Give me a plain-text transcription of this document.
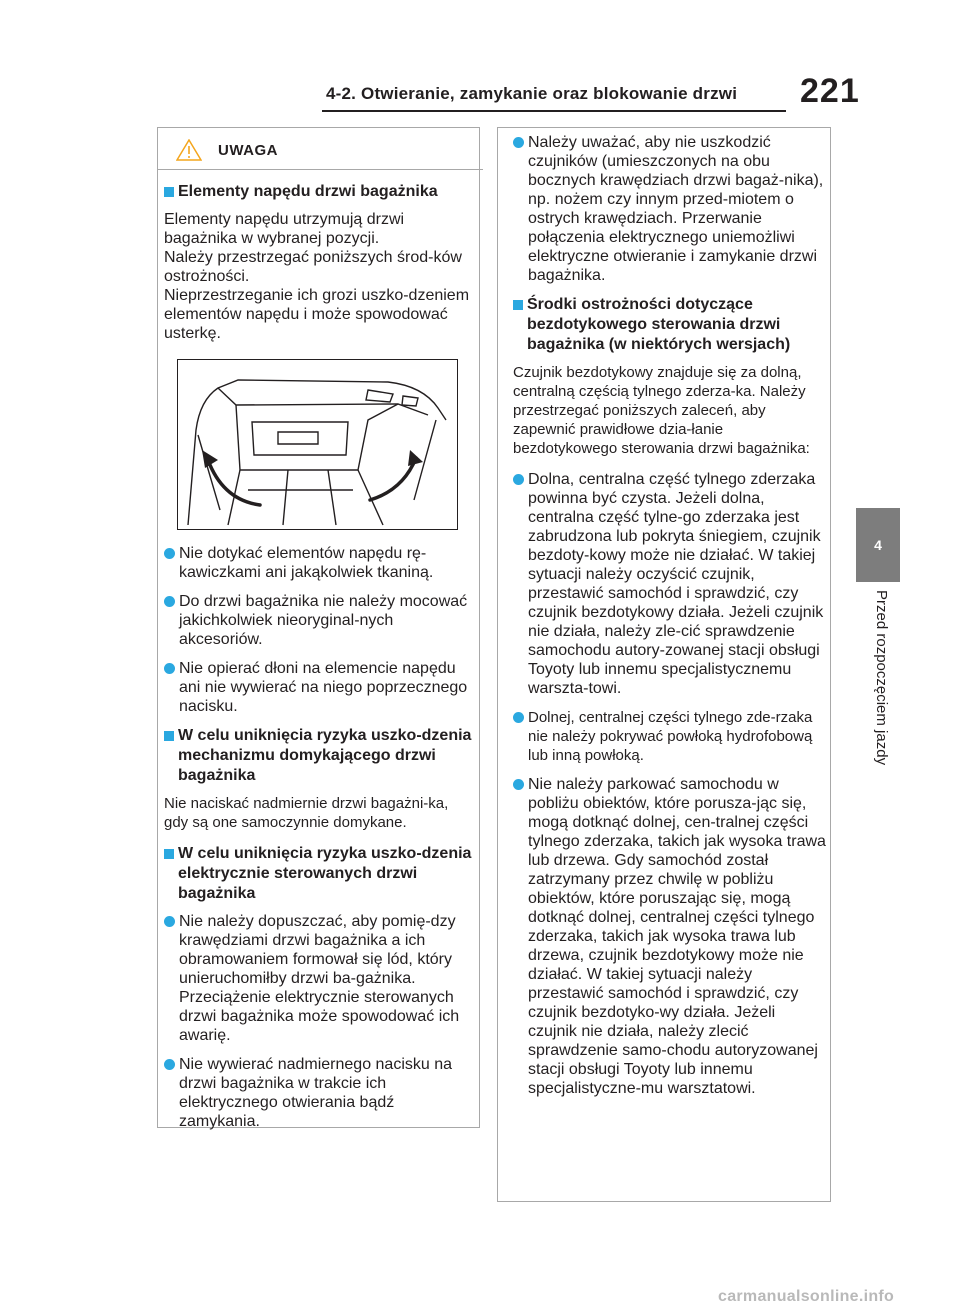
4-2. Otwieranie, zamykanie oraz blokowanie drzwi 221
4
Przed rozpoczęciem jazdy
UWAGA
Elementy napędu drzwi bagażnika

Elementy napędu utrzymują drzwi bagażnika w wybranej pozycji.

Należy przestrzegać poniższych środ-ków ostrożności.

Nieprzestrzeganie ich grozi uszko-dzeniem elementów napędu i może spowodować usterkę.

Nie dotykać elementów napędu rę-kawiczkami ani jakąkolwiek tkaniną.
Do drzwi bagażnika nie należy mocować jakichkolwiek nieoryginal-nych akcesoriów.
Nie opierać dłoni na elemencie napędu ani nie wywierać na niego poprzecznego nacisku.
W celu uniknięcia ryzyka uszko-dzenia mechanizmu domykającego drzwi bagażnika

Nie naciskać nadmiernie drzwi bagażni-ka, gdy są one samoczynnie domykane.

W celu uniknięcia ryzyka uszko-dzenia elektrycznie sterowanych drzwi bagażnika
Nie należy dopuszczać, aby pomię-dzy krawędziami drzwi bagażnika a ich obramowaniem formował się lód, który unieruchomiłby drzwi ba-gażnika. Przeciążenie elektrycznie sterowanych drzwi bagażnika może spowodować ich awarię.
Nie wywierać nadmiernego nacisku na drzwi bagażnika w trakcie ich elektrycznego otwierania bądź zamykania.
Należy uważać, aby nie uszkodzić czujników (umieszczonych na obu bocznych krawędziach drzwi bagaż-nika), np. nożem czy innym przed-miotem o ostrych krawędziach. Przerwanie połączenia elektrycznego uniemożliwi elektryczne otwieranie i zamykanie drzwi bagażnika.
Środki ostrożności dotyczące bezdotykowego sterowania drzwi bagażnika (w niektórych wersjach)

Czujnik bezdotykowy znajduje się za dolną, centralną częścią tylnego zderza-ka. Należy przestrzegać poniższych zaleceń, aby zapewnić prawidłowe dzia-łanie bezdotykowego sterowania drzwi bagażnika:

Dolna, centralna część tylnego zderzaka powinna być czysta. Jeżeli dolna, centralna część tylne-go zderzaka jest zabrudzona lub pokryta śniegiem, czujnik bezdoty-kowy może nie działać. W takiej sytuacji należy oczyścić czujnik, przestawić samochód i sprawdzić, czy czujnik bezdotykowy działa. Jeżeli czujnik nie działa, należy zle-cić sprawdzenie samochodu autory-zowanej stacji obsługi Toyoty lub innemu specjalistycznemu warszta-towi.
Dolnej, centralnej części tylnego zde-rzaka nie należy pokrywać powłoką hydrofobową lub inną powłoką.
Nie należy parkować samochodu w pobliżu obiektów, które porusza-jąc się, mogą dotknąć dolnej, cen-tralnej części tylnego zderzaka, takich jak wysoka trawa lub drzewa. Gdy samochód został zatrzymany przez chwilę w pobliżu obiektów, które poruszając się, mogą dotknąć dolnej, centralnej części tylnego zderzaka, takich jak wysoka trawa lub drzewa, czujnik bezdotykowy może nie działać. W takiej sytuacji należy przestawić samochód i sprawdzić, czy czujnik bezdotyko-wy działa. Jeżeli czujnik nie działa, należy zlecić sprawdzenie samo-chodu autoryzowanej stacji obsługi Toyoty lub innemu specjalistyczne-mu warsztatowi.
carmanualsonline.info
